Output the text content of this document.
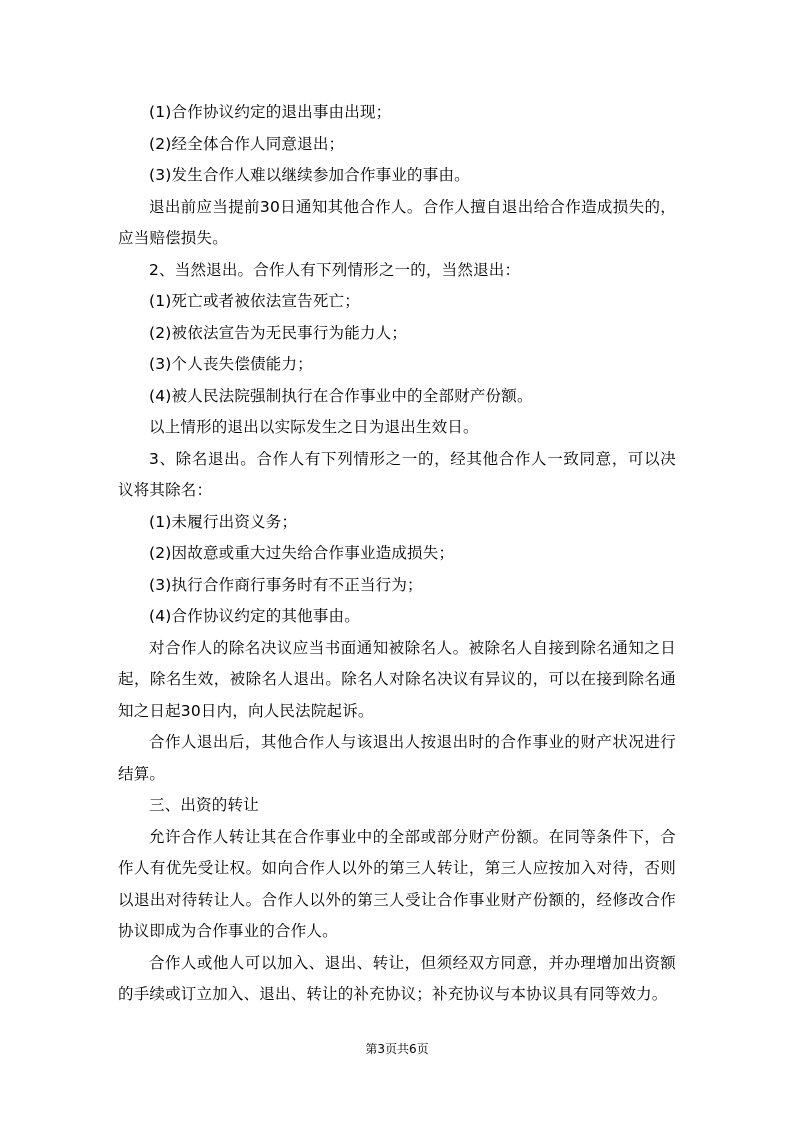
(1)合作协议约定的退出事由出现；

(2)经全体合作人同意退出；

(3)发生合作人难以继续参加合作事业的事由。

退出前应当提前30日通知其他合作人。合作人擅自退出给合作造成损失的，应当赔偿损失。

2、当然退出。合作人有下列情形之一的，当然退出：

(1)死亡或者被依法宣告死亡；

(2)被依法宣告为无民事行为能力人；

(3)个人丧失偿债能力；

(4)被人民法院强制执行在合作事业中的全部财产份额。

以上情形的退出以实际发生之日为退出生效日。

3、除名退出。合作人有下列情形之一的，经其他合作人一致同意，可以决议将其除名：

(1)未履行出资义务；

(2)因故意或重大过失给合作事业造成损失；

(3)执行合作商行事务时有不正当行为；

(4)合作协议约定的其他事由。

对合作人的除名决议应当书面通知被除名人。被除名人自接到除名通知之日起，除名生效，被除名人退出。除名人对除名决议有异议的，可以在接到除名通知之日起30日内，向人民法院起诉。

合作人退出后，其他合作人与该退出人按退出时的合作事业的财产状况进行结算。

三、出资的转让

允许合作人转让其在合作事业中的全部或部分财产份额。在同等条件下，合作人有优先受让权。如向合作人以外的第三人转让，第三人应按加入对待，否则以退出对待转让人。合作人以外的第三人受让合作事业财产份额的，经修改合作协议即成为合作事业的合作人。

合作人或他人可以加入、退出、转让，但须经双方同意，并办理增加出资额的手续或订立加入、退出、转让的补充协议；补充协议与本协议具有同等效力。

第3页共6页
